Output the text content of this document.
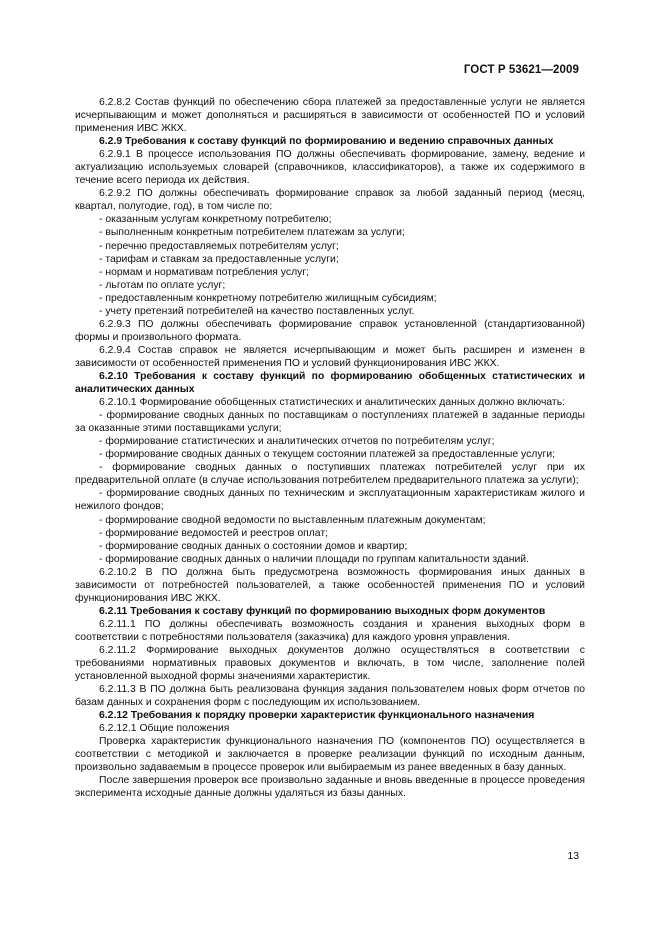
ГОСТ Р 53621—2009

6.2.8.2 Состав функций по обеспечению сбора платежей за предоставленные услуги не является исчерпывающим и может дополняться и расширяться в зависимости от особенностей ПО и условий применения ИВС ЖКХ.

6.2.9 Требования к составу функций по формированию и ведению справочных данных

6.2.9.1 В процессе использования ПО должны обеспечивать формирование, замену, ведение и актуализацию используемых словарей (справочников, классификаторов), а также их содержимого в течение всего периода их действия.

6.2.9.2 ПО должны обеспечивать формирование справок за любой заданный период (месяц, квартал, полугодие, год), в том числе по:

- оказанным услугам конкретному потребителю;

- выполненным конкретным потребителем платежам за услуги;

- перечню предоставляемых потребителям услуг;

- тарифам и ставкам за предоставленные услуги;

- нормам и нормативам потребления услуг;

- льготам по оплате услуг;

- предоставленным конкретному потребителю жилищным субсидиям;

- учету претензий потребителей на качество поставленных услуг.

6.2.9.3 ПО должны обеспечивать формирование справок установленной (стандартизованной) формы и произвольного формата.

6.2.9.4 Состав справок не является исчерпывающим и может быть расширен и изменен в зависимости от особенностей применения ПО и условий функционирования ИВС ЖКХ.

6.2.10 Требования к составу функций по формированию обобщенных статистических и аналитических данных

6.2.10.1 Формирование обобщенных статистических и аналитических данных должно включать:

- формирование сводных данных по поставщикам о поступлениях платежей в заданные периоды за оказанные этими поставщиками услуги;

- формирование статистических и аналитических отчетов по потребителям услуг;

- формирование сводных данных о текущем состоянии платежей за предоставленные услуги;

- формирование сводных данных о поступивших платежах потребителей услуг при их предварительной оплате (в случае использования потребителем предварительного платежа за услуги);

- формирование сводных данных по техническим и эксплуатационным характеристикам жилого и нежилого фондов;

- формирование сводной ведомости по выставленным платежным документам;

- формирование ведомостей и реестров оплат;

- формирование сводных данных о состоянии домов и квартир;

- формирование сводных данных о наличии площади по группам капитальности зданий.

6.2.10.2 В ПО должна быть предусмотрена возможность формирования иных данных в зависимости от потребностей пользователей, а также особенностей применения ПО и условий функционирования ИВС ЖКХ.

6.2.11 Требования к составу функций по формированию выходных форм документов

6.2.11.1 ПО должны обеспечивать возможность создания и хранения выходных форм в соответствии с потребностями пользователя (заказчика) для каждого уровня управления.

6.2.11.2 Формирование выходных документов должно осуществляться в соответствии с требованиями нормативных правовых документов и включать, в том числе, заполнение полей установленной выходной формы значениями характеристик.

6.2.11.3 В ПО должна быть реализована функция задания пользователем новых форм отчетов по базам данных и сохранения форм с последующим их использованием.

6.2.12 Требования к порядку проверки характеристик функционального назначения

6.2.12.1 Общие положения

Проверка характеристик функционального назначения ПО (компонентов ПО) осуществляется в соответствии с методикой и заключается в проверке реализации функций по исходным данным, произвольно задаваемым в процессе проверок или выбираемым из ранее введенных в базу данных.

После завершения проверок все произвольно заданные и вновь введенные в процессе проведения эксперимента исходные данные должны удаляться из базы данных.

13
